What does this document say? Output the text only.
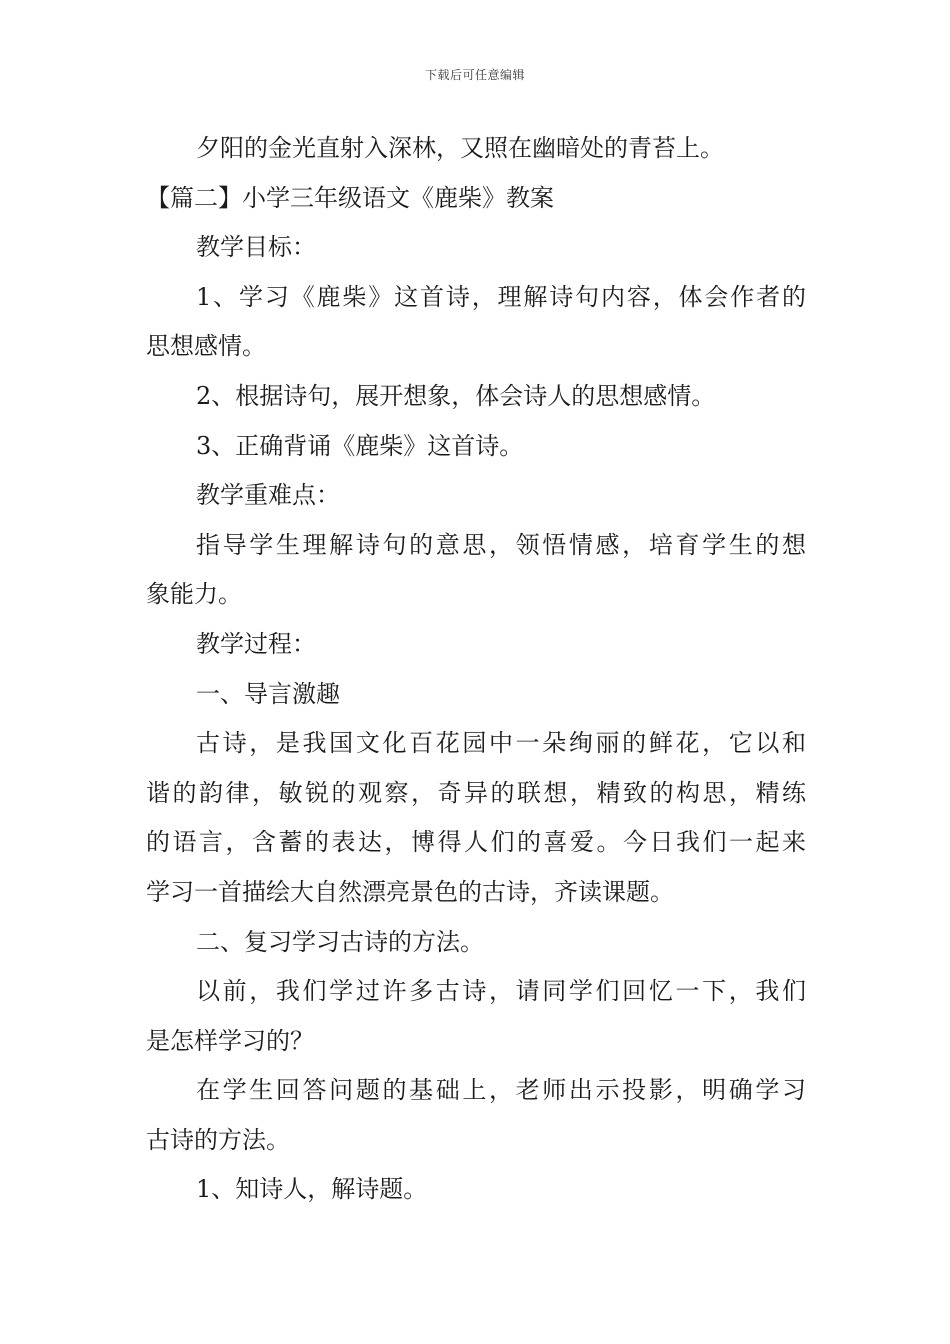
下载后可任意编辑
夕阳的金光直射入深林，又照在幽暗处的青苔上。
【篇二】小学三年级语文《鹿柴》教案
教学目标：
1、学习《鹿柴》这首诗，理解诗句内容，体会作者的
思想感情。
2、根据诗句，展开想象，体会诗人的思想感情。
3、正确背诵《鹿柴》这首诗。
教学重难点：
指导学生理解诗句的意思，领悟情感，培育学生的想
象能力。
教学过程：
一、导言激趣
古诗，是我国文化百花园中一朵绚丽的鲜花，它以和
谐的韵律，敏锐的观察，奇异的联想，精致的构思，精练
的语言，含蓄的表达，博得人们的喜爱。今日我们一起来
学习一首描绘大自然漂亮景色的古诗，齐读课题。
二、复习学习古诗的方法。
以前，我们学过许多古诗，请同学们回忆一下，我们
是怎样学习的？
在学生回答问题的基础上，老师出示投影，明确学习
古诗的方法。
1、知诗人，解诗题。
